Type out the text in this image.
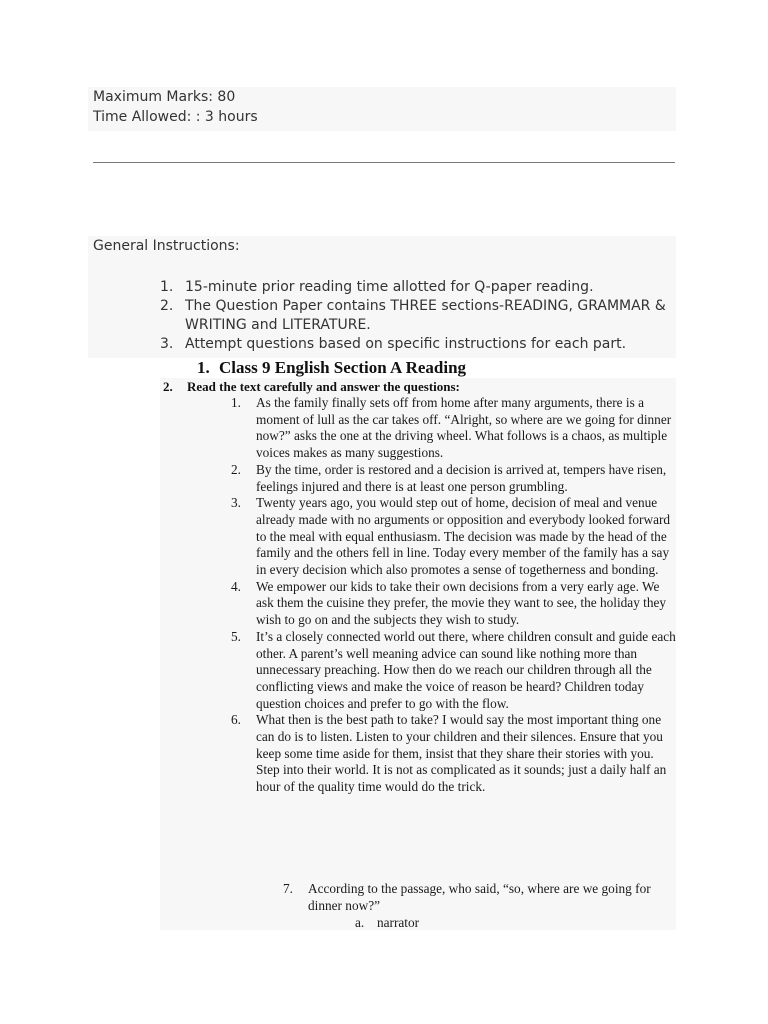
Maximum Marks: 80
Time Allowed: : 3 hours
General Instructions:
1. 15-minute prior reading time allotted for Q-paper reading.
2. The Question Paper contains THREE sections-READING, GRAMMAR & WRITING and LITERATURE.
3. Attempt questions based on specific instructions for each part.
1. Class 9 English Section A Reading
2. Read the text carefully and answer the questions:
1. As the family finally sets off from home after many arguments, there is a moment of lull as the car takes off. “Alright, so where are we going for dinner now?” asks the one at the driving wheel. What follows is a chaos, as multiple voices makes as many suggestions.
2. By the time, order is restored and a decision is arrived at, tempers have risen, feelings injured and there is at least one person grumbling.
3. Twenty years ago, you would step out of home, decision of meal and venue already made with no arguments or opposition and everybody looked forward to the meal with equal enthusiasm. The decision was made by the head of the family and the others fell in line. Today every member of the family has a say in every decision which also promotes a sense of togetherness and bonding.
4. We empower our kids to take their own decisions from a very early age. We ask them the cuisine they prefer, the movie they want to see, the holiday they wish to go on and the subjects they wish to study.
5. It’s a closely connected world out there, where children consult and guide each other. A parent’s well meaning advice can sound like nothing more than unnecessary preaching. How then do we reach our children through all the conflicting views and make the voice of reason be heard? Children today question choices and prefer to go with the flow.
6. What then is the best path to take? I would say the most important thing one can do is to listen. Listen to your children and their silences. Ensure that you keep some time aside for them, insist that they share their stories with you. Step into their world. It is not as complicated as it sounds; just a daily half an hour of the quality time would do the trick.
7. According to the passage, who said, “so, where are we going for dinner now?”
a. narrator
